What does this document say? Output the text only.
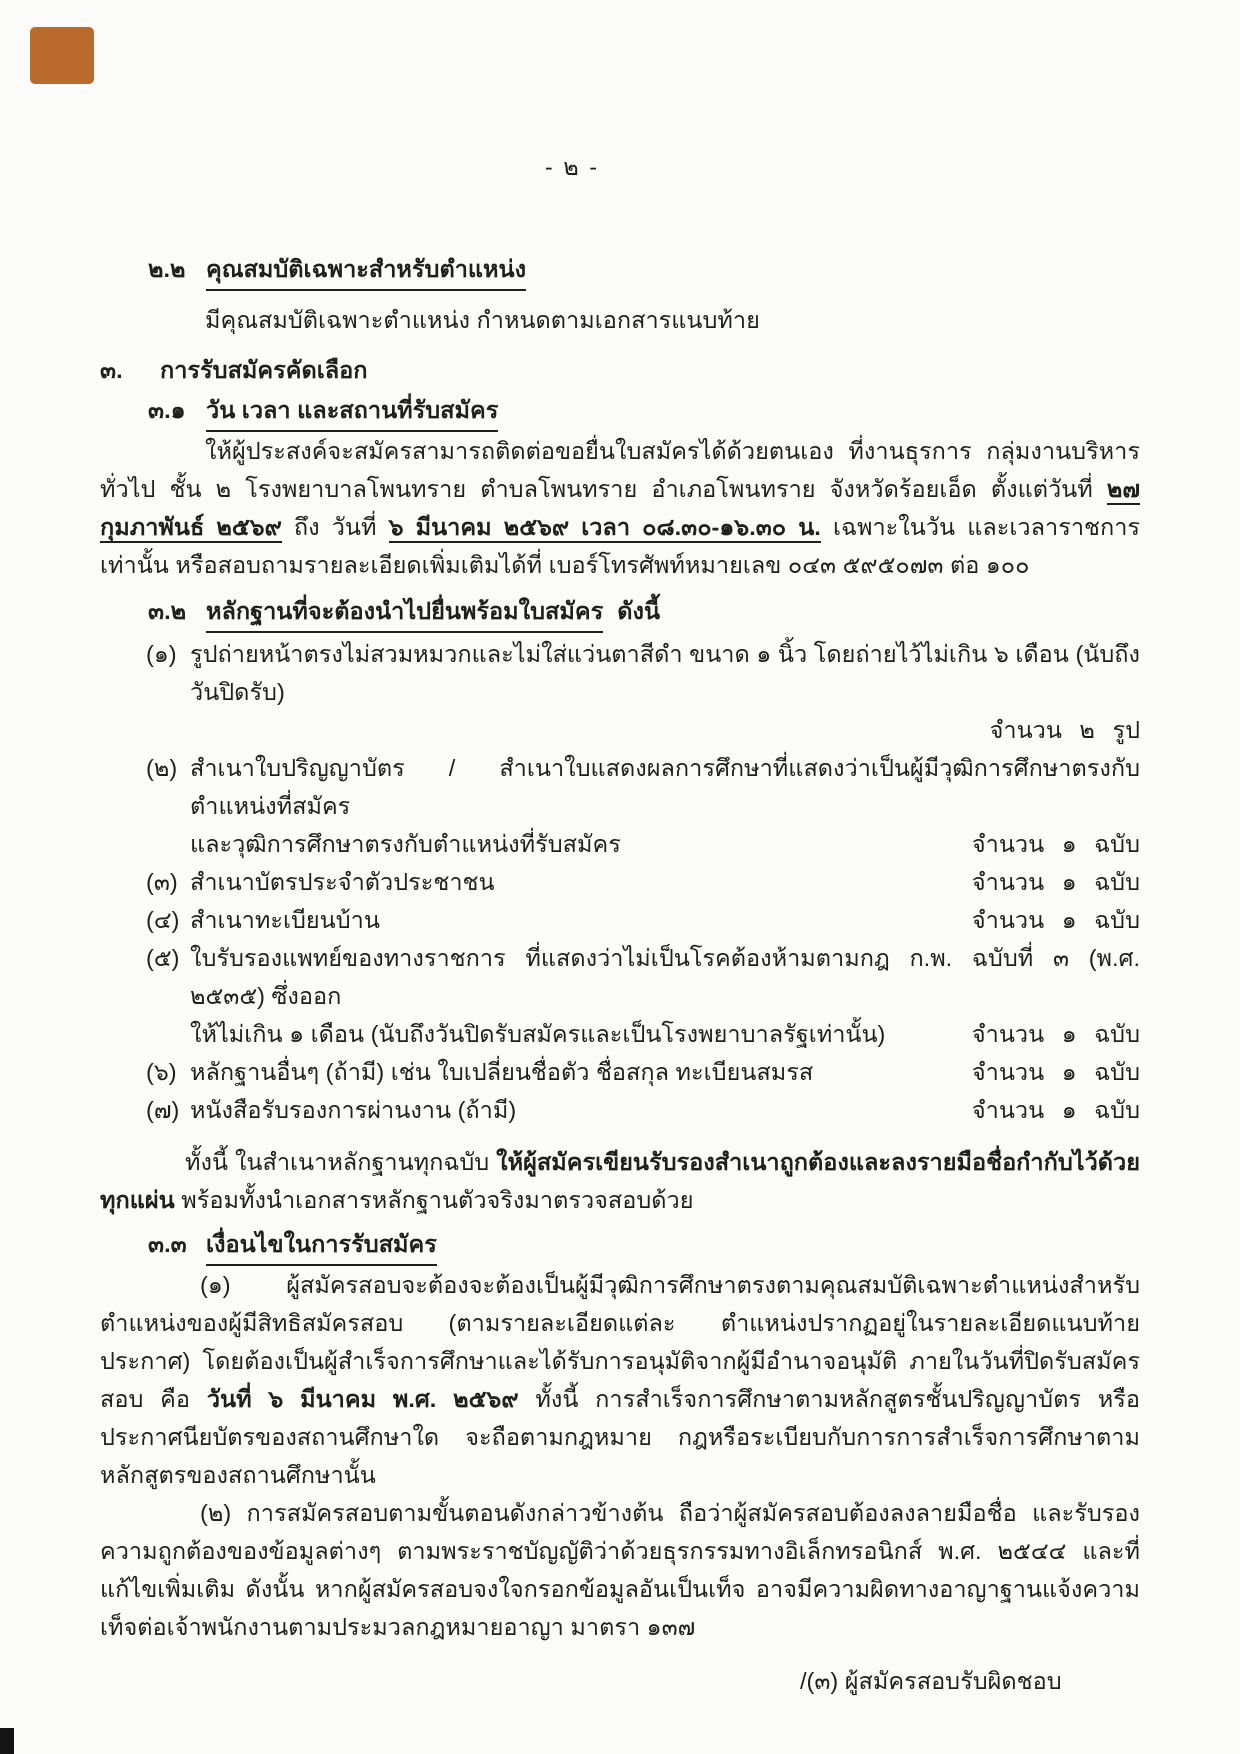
- ๒ -
๒.๒ คุณสมบัติเฉพาะสำหรับตำแหน่ง
มีคุณสมบัติเฉพาะตำแหน่ง กำหนดตามเอกสารแนบท้าย
๓.	การรับสมัครคัดเลือก
๓.๑ วัน เวลา และสถานที่รับสมัคร

ให้ผู้ประสงค์จะสมัครสามารถติดต่อขอยื่นใบสมัครได้ด้วยตนเอง ที่งานธุรการ กลุ่มงานบริหารทั่วไป ชั้น ๒ โรงพยาบาลโพนทราย ตำบลโพนทราย อำเภอโพนทราย จังหวัดร้อยเอ็ด ตั้งแต่วันที่ ๒๗ กุมภาพันธ์ ๒๕๖๙ ถึง วันที่ ๖ มีนาคม ๒๕๖๙ เวลา ๐๘.๓๐-๑๖.๓๐ น. เฉพาะในวัน และเวลาราชการเท่านั้น หรือสอบถามรายละเอียดเพิ่มเติมได้ที่ เบอร์โทรศัพท์หมายเลข ๐๔๓ ๕๙๕๐๗๓ ต่อ ๑๐๐

๓.๒ หลักฐานที่จะต้องนำไปยื่นพร้อมใบสมัคร ดังนี้
(๑) รูปถ่ายหน้าตรงไม่สวมหมวกและไม่ใส่แว่นตาสีดำ ขนาด ๑ นิ้ว โดยถ่ายไว้ไม่เกิน ๖ เดือน (นับถึงวันปิดรับ)
จำนวน ๒ รูป
(๒) สำเนาใบปริญญาบัตร / สำเนาใบแสดงผลการศึกษาที่แสดงว่าเป็นผู้มีวุฒิการศึกษาตรงกับตำแหน่งที่สมัคร
และวุฒิการศึกษาตรงกับตำแหน่งที่รับสมัคร	จำนวน ๑ ฉบับ
(๓) สำเนาบัตรประจำตัวประชาชน	จำนวน ๑ ฉบับ
(๔) สำเนาทะเบียนบ้าน	จำนวน ๑ ฉบับ
(๕) ใบรับรองแพทย์ของทางราชการ ที่แสดงว่าไม่เป็นโรคต้องห้ามตามกฎ ก.พ. ฉบับที่ ๓ (พ.ศ. ๒๕๓๕) ซึ่งออก
ให้ไม่เกิน ๑ เดือน (นับถึงวันปิดรับสมัครและเป็นโรงพยาบาลรัฐเท่านั้น)	จำนวน ๑ ฉบับ
(๖) หลักฐานอื่นๆ (ถ้ามี) เช่น ใบเปลี่ยนชื่อตัว ชื่อสกุล ทะเบียนสมรส	จำนวน ๑ ฉบับ
(๗) หนังสือรับรองการผ่านงาน (ถ้ามี)	จำนวน ๑ ฉบับ

ทั้งนี้ ในสำเนาหลักฐานทุกฉบับ ให้ผู้สมัครเขียนรับรองสำเนาถูกต้องและลงรายมือชื่อกำกับไว้ด้วยทุกแผ่น พร้อมทั้งนำเอกสารหลักฐานตัวจริงมาตรวจสอบด้วย

๓.๓ เงื่อนไขในการรับสมัคร

(๑) ผู้สมัครสอบจะต้องจะต้องเป็นผู้มีวุฒิการศึกษาตรงตามคุณสมบัติเฉพาะตำแหน่งสำหรับตำแหน่งของผู้มีสิทธิสมัครสอบ (ตามรายละเอียดแต่ละ ตำแหน่งปรากฏอยู่ในรายละเอียดแนบท้ายประกาศ) โดยต้องเป็นผู้สำเร็จการศึกษาและได้รับการอนุมัติจากผู้มีอำนาจอนุมัติ ภายในวันที่ปิดรับสมัครสอบ คือ วันที่ ๖ มีนาคม พ.ศ. ๒๕๖๙ ทั้งนี้ การสำเร็จการศึกษาตามหลักสูตรชั้นปริญญาบัตร หรือประกาศนียบัตรของสถานศึกษาใด จะถือตามกฎหมาย กฎหรือระเบียบกับการการสำเร็จการศึกษาตามหลักสูตรของสถานศึกษานั้น

(๒) การสมัครสอบตามขั้นตอนดังกล่าวข้างต้น ถือว่าผู้สมัครสอบต้องลงลายมือชื่อ และรับรองความถูกต้องของข้อมูลต่างๆ ตามพระราชบัญญัติว่าด้วยธุรกรรมทางอิเล็กทรอนิกส์ พ.ศ. ๒๕๔๔ และที่แก้ไขเพิ่มเติม ดังนั้น หากผู้สมัครสอบจงใจกรอกข้อมูลอันเป็นเท็จ อาจมีความผิดทางอาญาฐานแจ้งความเท็จต่อเจ้าพนักงานตามประมวลกฎหมายอาญา มาตรา ๑๓๗

/(๓) ผู้สมัครสอบรับผิดชอบ
